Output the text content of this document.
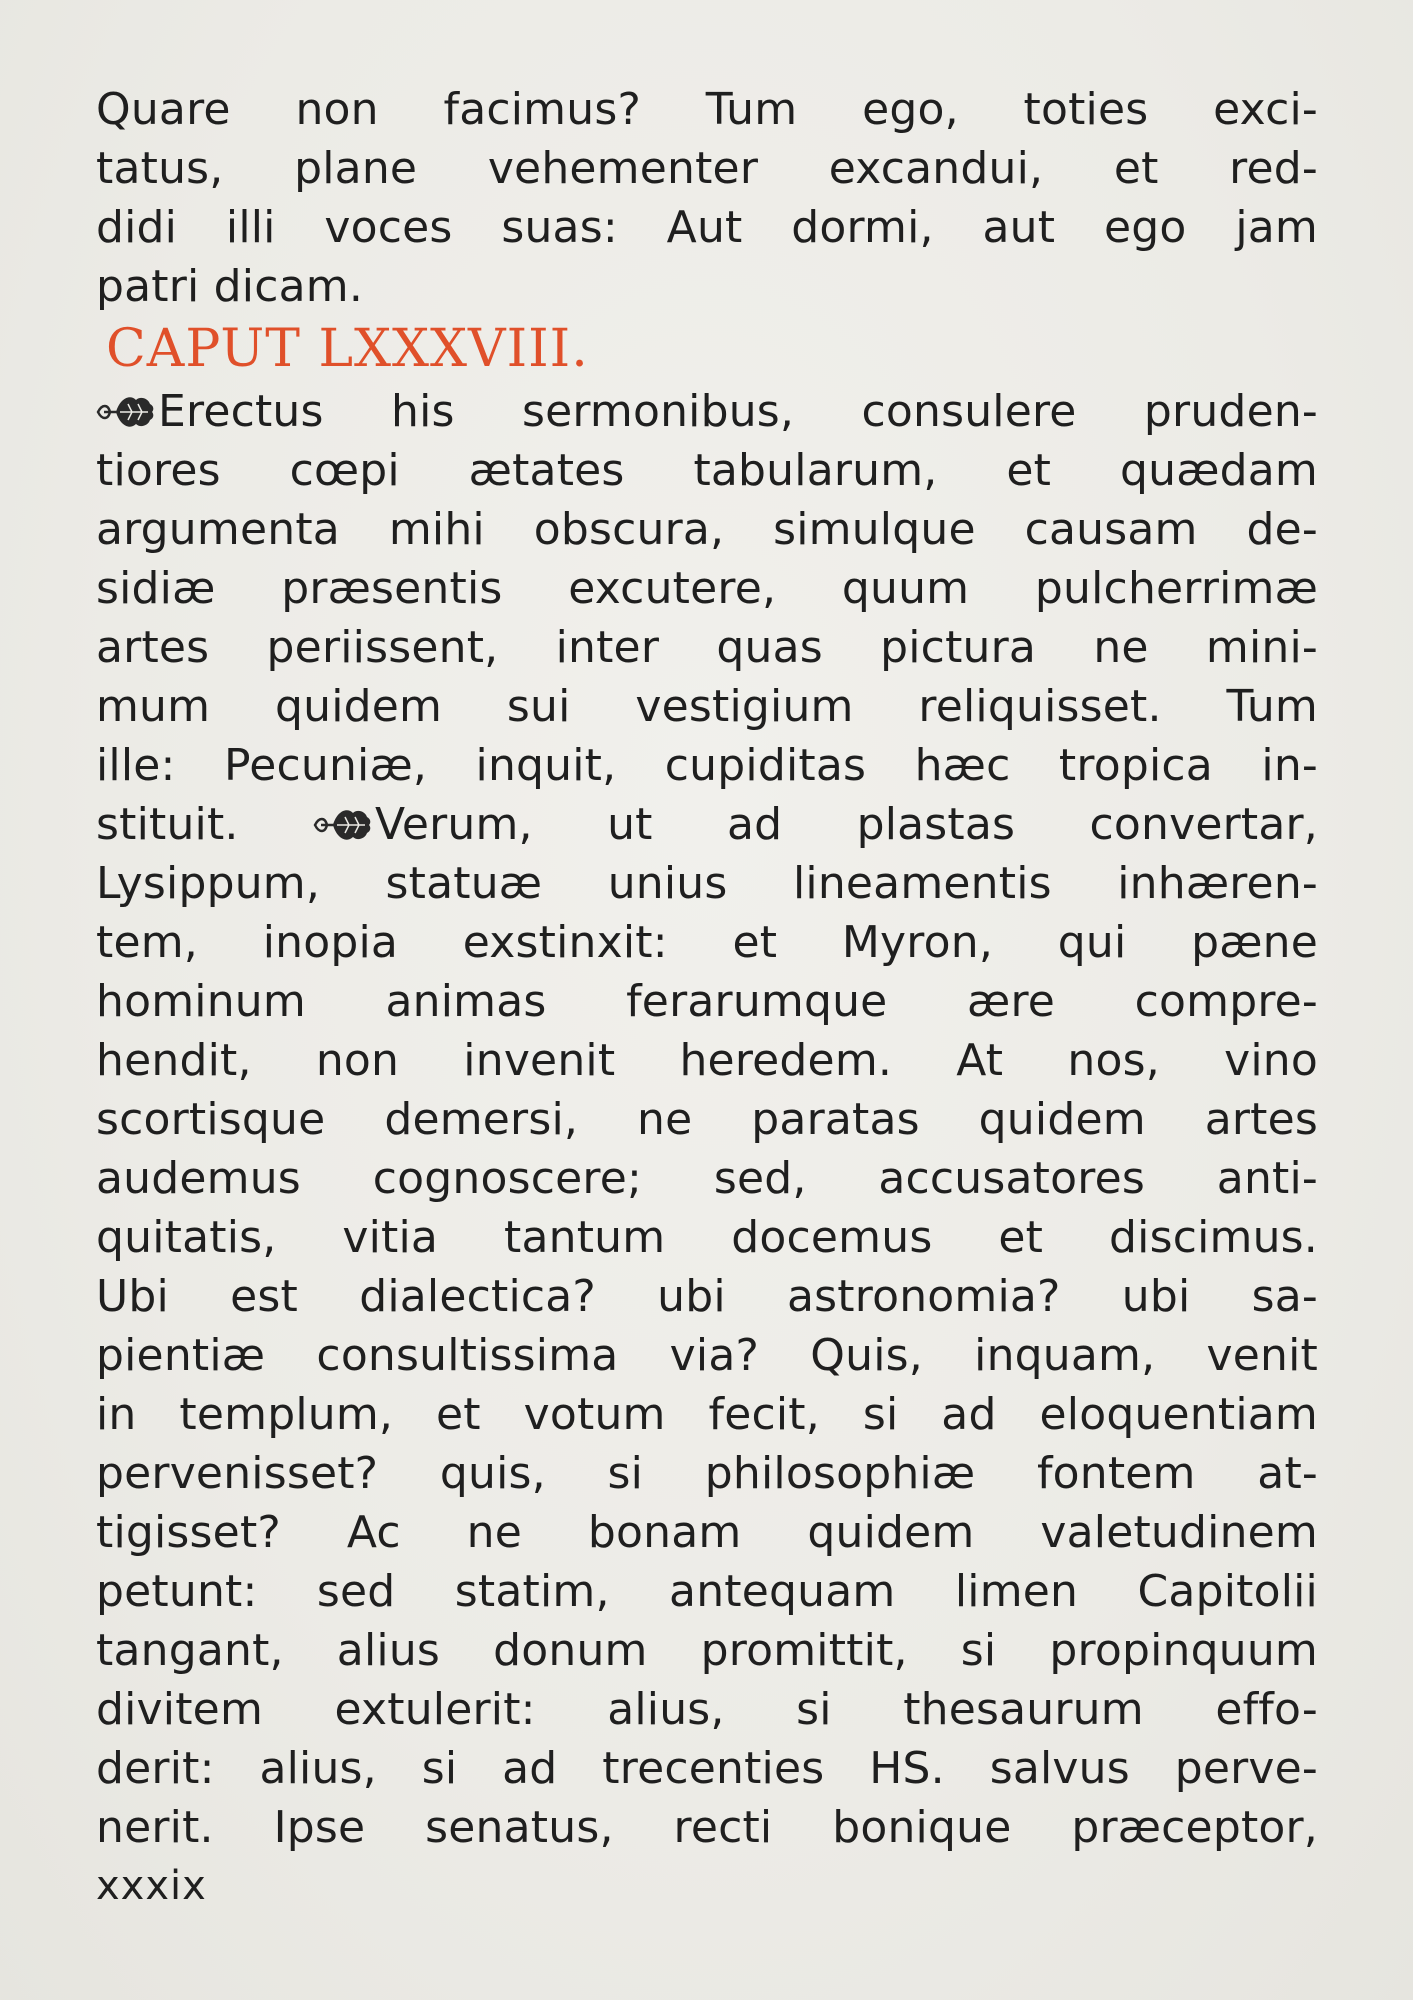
Quare non facimus? Tum ego, toties exci-
tatus, plane vehementer excandui, et red-
didi illi voces suas: Aut dormi, aut ego jam
patri dicam.
CAPUT LXXXVIII.
Erectus his sermonibus, consulere pruden-
tiores cœpi ætates tabularum, et quædam
argumenta mihi obscura, simulque causam de-
sidiæ præsentis excutere, quum pulcherrimæ
artes periissent, inter quas pictura ne mini-
mum quidem sui vestigium reliquisset. Tum
ille: Pecuniæ, inquit, cupiditas hæc tropica in-
stituit.	Verum, ut ad plastas convertar,
Lysippum, statuæ unius lineamentis inhæren-
tem, inopia exstinxit: et Myron, qui pæne
hominum animas ferarumque ære compre-
hendit, non invenit heredem. At nos, vino
scortisque demersi, ne paratas quidem artes
audemus cognoscere; sed, accusatores anti-
quitatis, vitia tantum docemus et discimus.
Ubi est dialectica? ubi astronomia? ubi sa-
pientiæ consultissima via? Quis, inquam, venit
in templum, et votum fecit, si ad eloquentiam
pervenisset? quis, si philosophiæ fontem at-
tigisset? Ac ne bonam quidem valetudinem
petunt: sed statim, antequam limen Capitolii
tangant, alius donum promittit, si propinquum
divitem extulerit: alius, si thesaurum effo-
derit: alius, si ad trecenties HS. salvus perve-
nerit. Ipse senatus, recti bonique præceptor,
xxxix
